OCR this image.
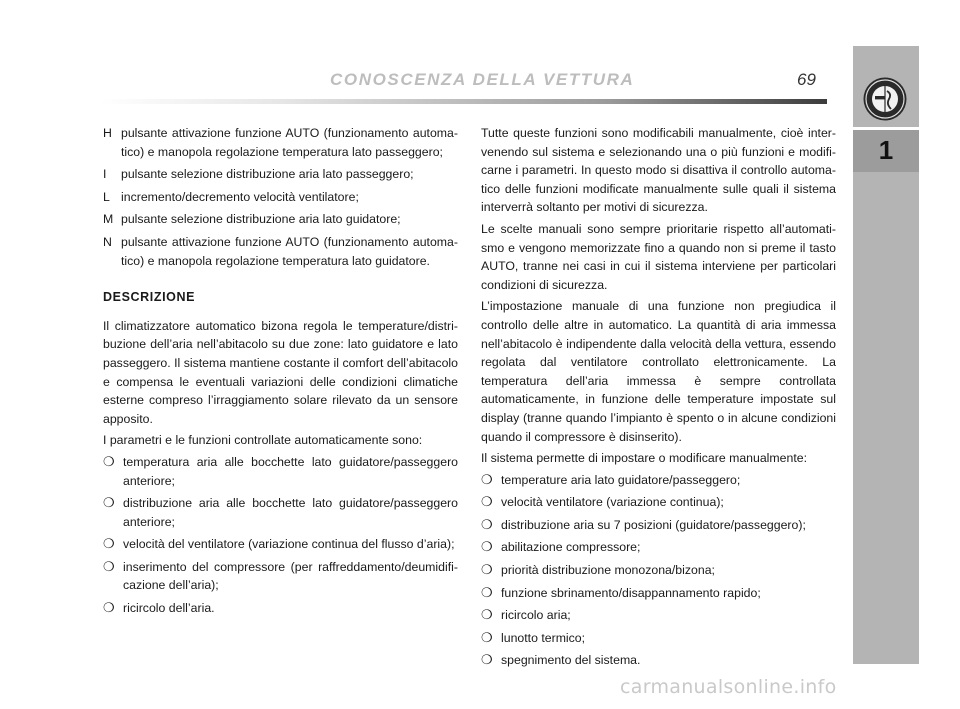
CONOSCENZA DELLA VETTURA	69
1
H pulsante attivazione funzione AUTO (funzionamento automatico) e manopola regolazione temperatura lato passeggero;
I pulsante selezione distribuzione aria lato passeggero;
L incremento/decremento velocità ventilatore;
M pulsante selezione distribuzione aria lato guidatore;
N pulsante attivazione funzione AUTO (funzionamento automatico) e manopola regolazione temperatura lato guidatore.
DESCRIZIONE

Il climatizzatore automatico bizona regola le temperature/distribuzione dell’aria nell’abitacolo su due zone: lato guidatore e lato passeggero. Il sistema mantiene costante il comfort dell’abitacolo e compensa le eventuali variazioni delle condizioni climatiche esterne compreso l’irraggiamento solare rilevato da un sensore apposito.

I parametri e le funzioni controllate automaticamente sono:

❍ temperatura aria alle bocchette lato guidatore/passeggero anteriore;
❍ distribuzione aria alle bocchette lato guidatore/passeggero anteriore;
❍ velocità del ventilatore (variazione continua del flusso d’aria);
❍ inserimento del compressore (per raffreddamento/deumidificazione dell’aria);
❍ ricircolo dell’aria.

Tutte queste funzioni sono modificabili manualmente, cioè intervenendo sul sistema e selezionando una o più funzioni e modificarne i parametri. In questo modo si disattiva il controllo automatico delle funzioni modificate manualmente sulle quali il sistema interverrà soltanto per motivi di sicurezza.

Le scelte manuali sono sempre prioritarie rispetto all’automatismo e vengono memorizzate fino a quando non si preme il tasto AUTO, tranne nei casi in cui il sistema interviene per particolari condizioni di sicurezza.

L’impostazione manuale di una funzione non pregiudica il controllo delle altre in automatico. La quantità di aria immessa nell’abitacolo è indipendente dalla velocità della vettura, essendo regolata dal ventilatore controllato elettronicamente. La temperatura dell’aria immessa è sempre controllata automaticamente, in funzione delle temperature impostate sul display (tranne quando l’impianto è spento o in alcune condizioni quando il compressore è disinserito).

Il sistema permette di impostare o modificare manualmente:

❍ temperature aria lato guidatore/passeggero;
❍ velocità ventilatore (variazione continua);
❍ distribuzione aria su 7 posizioni (guidatore/passeggero);
❍ abilitazione compressore;
❍ priorità distribuzione monozona/bizona;
❍ funzione sbrinamento/disappannamento rapido;
❍ ricircolo aria;
❍ lunotto termico;
❍ spegnimento del sistema.
carmanualsonline.info
